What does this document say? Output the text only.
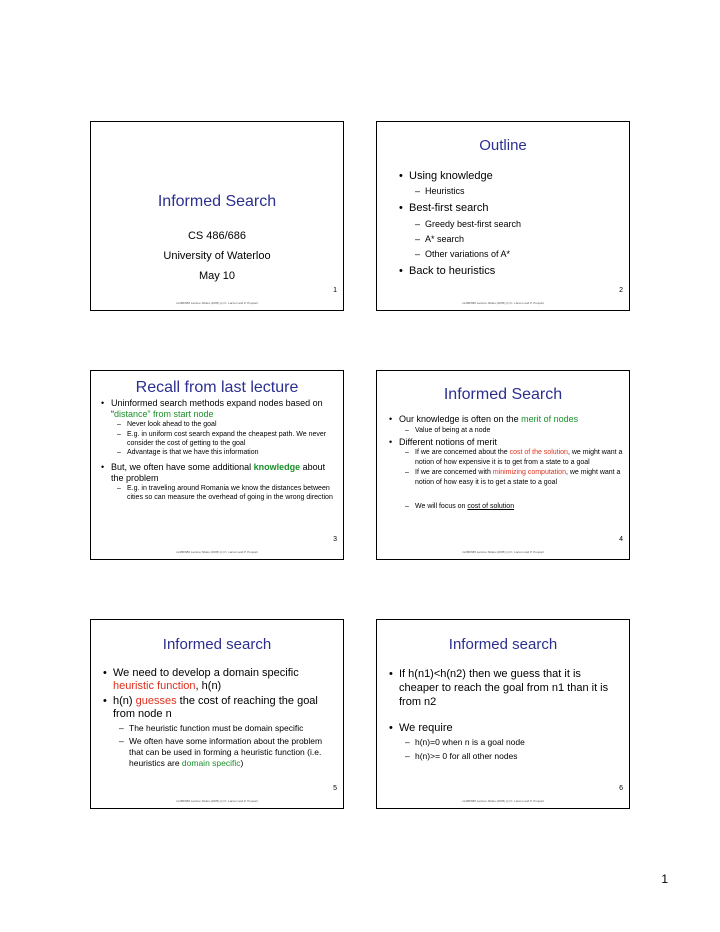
Informed Search
CS 486/686
University of Waterloo
May 10
1
cs486/686 Lecture Slides (2005) (c) K. Larson and P. Poupart
Outline
• Using knowledge
– Heuristics
• Best-first search
– Greedy best-first search
– A* search
– Other variations of A*
• Back to heuristics
2
cs486/686 Lecture Slides (2005) (c) K. Larson and P. Poupart
Recall from last lecture
• Uninformed search methods expand nodes based on “distance” from start node
– Never look ahead to the goal
– E.g. in uniform cost search expand the cheapest path. We never consider the cost of getting to the goal
– Advantage is that we have this information
• But, we often have some additional knowledge about the problem
– E.g. in traveling around Romania we know the distances between cities so can measure the overhead of going in the wrong direction
3
cs486/686 Lecture Slides (2005) (c) K. Larson and P. Poupart
Informed Search
• Our knowledge is often on the merit of nodes
– Value of being at a node
• Different notions of merit
– If we are concerned about the cost of the solution, we might want a notion of how expensive it is to get from a state to a goal
– If we are concerned with minimizing computation, we might want a notion of how easy it is to get a state to a goal
– We will focus on cost of solution
4
cs486/686 Lecture Slides (2005) (c) K. Larson and P. Poupart
Informed search
• We need to develop a domain specific heuristic function, h(n)
• h(n) guesses the cost of reaching the goal from node n
– The heuristic function must be domain specific
– We often have some information about the problem that can be used in forming a heuristic function (i.e. heuristics are domain specific)
5
cs486/686 Lecture Slides (2005) (c) K. Larson and P. Poupart
Informed search
• If h(n1)<h(n2) then we guess that it is cheaper to reach the goal from n1 than it is from n2
• We require
– h(n)=0 when n is a goal node
– h(n)>= 0 for all other nodes
6
cs486/686 Lecture Slides (2005) (c) K. Larson and P. Poupart
1
